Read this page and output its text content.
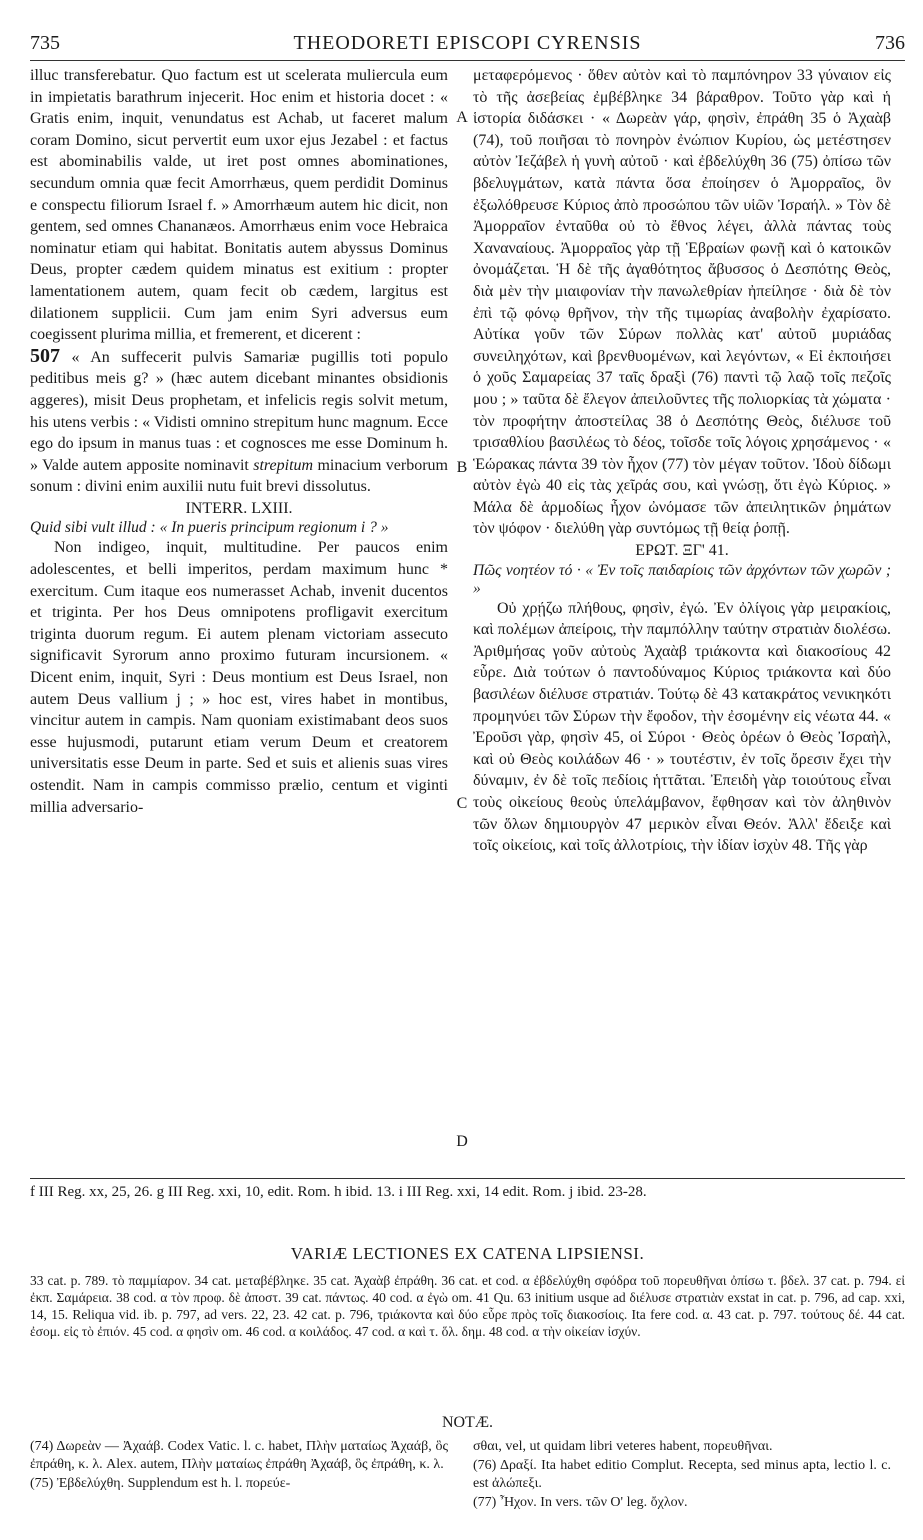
735	THEODORETI EPISCOPI CYRENSIS	736

illuc transferebatur. Quo factum est ut scelerata muliercula eum in impietatis barathrum injecerit. Hoc enim et historia docet : « Gratis enim, inquit, venundatus est Achab, ut faceret malum coram Domino, sicut pervertit eum uxor ejus Jezabel : et factus est abominabilis valde, ut iret post omnes abominationes, secundum omnia quæ fecit Amorrhæus, quem perdidit Dominus e conspectu filiorum Israel f. » Amorrhæum autem hic dicit, non gentem, sed omnes Chananæos. Amorrhæus enim voce Hebraica nominatur etiam qui habitat. Bonitatis autem abyssus Dominus Deus, propter cædem quidem minatus est exitium : propter lamentationem autem, quam fecit ob cædem, largitus est dilationem supplicii. Cum jam enim Syri adversus eum coegissent plurima millia, et fremerent, et dicerent :

507 « An suffecerit pulvis Samariæ pugillis toti populo peditibus meis g? » (hæc autem dicebant minantes obsidionis aggeres), misit Deus prophetam, et infelicis regis solvit metum, his utens verbis : « Vidisti omnino strepitum hunc magnum. Ecce ego do ipsum in manus tuas : et cognosces me esse Dominum h. » Valde autem apposite nominavit strepitum minacium verborum sonum : divini enim auxilii nutu fuit brevi dissolutus.

INTERR. LXIII.

Quid sibi vult illud : « In pueris principum regionum i ? »

Non indigeo, inquit, multitudine. Per paucos enim adolescentes, et belli imperitos, perdam maximum hunc * exercitum. Cum itaque eos numerasset Achab, invenit ducentos et triginta. Per hos Deus omnipotens profligavit exercitum triginta duorum regum. Ei autem plenam victoriam assecuto significavit Syrorum anno proximo futuram incursionem. « Dicent enim, inquit, Syri : Deus montium est Deus Israel, non autem Deus vallium j ; » hoc est, vires habet in montibus, vincitur autem in campis. Nam quoniam existimabant deos suos esse hujusmodi, putarunt etiam verum Deum et creatorem universitatis esse Deum in parte. Sed et suis et alienis suas vires ostendit. Nam in campis commisso prælio, centum et viginti millia adversario-

A
B
C
D

μεταφερόμενος · ὅθεν αὐτὸν καὶ τὸ παμπόνηρον 33 γύναιον εἰς τὸ τῆς ἀσεβείας ἐμβέβληκε 34 βάραθρον. Τοῦτο γὰρ καὶ ἡ ἱστορία διδάσκει · « Δωρεὰν γάρ, φησὶν, ἐπράθη 35 ὁ Ἀχαὰβ (74), τοῦ ποιῆσαι τὸ πονηρὸν ἐνώπιον Κυρίου, ὡς μετέστησεν αὐτὸν Ἰεζάβελ ἡ γυνὴ αὐτοῦ · καὶ ἐβδελύχθη 36 (75) ὀπίσω τῶν βδελυγμάτων, κατὰ πάντα ὅσα ἐποίησεν ὁ Ἀμορραῖος, ὃν ἐξωλόθρευσε Κύριος ἀπὸ προσώπου τῶν υἱῶν Ἰσραήλ. » Τὸν δὲ Ἀμορραῖον ἐνταῦθα οὐ τὸ ἔθνος λέγει, ἀλλὰ πάντας τοὺς Χαναναίους. Ἀμορραῖος γὰρ τῇ Ἑβραίων φωνῇ καὶ ὁ κατοικῶν ὀνομάζεται. Ἡ δὲ τῆς ἀγαθότητος ἄβυσσος ὁ Δεσπότης Θεὸς, διὰ μὲν τὴν μιαιφονίαν τὴν πανωλεθρίαν ἠπείλησε · διὰ δὲ τὸν ἐπὶ τῷ φόνῳ θρῆνον, τὴν τῆς τιμωρίας ἀναβολὴν ἐχαρίσατο. Αὐτίκα γοῦν τῶν Σύρων πολλὰς κατ' αὐτοῦ μυριάδας συνειληχότων, καὶ βρενθυομένων, καὶ λεγόντων, « Εἰ ἐκποιήσει ὁ χοῦς Σαμαρείας 37 ταῖς δραξὶ (76) παντὶ τῷ λαῷ τοῖς πεζοῖς μου ; » ταῦτα δὲ ἔλεγον ἀπειλοῦντες τῆς πολιορκίας τὰ χώματα · τὸν προφήτην ἀποστείλας 38 ὁ Δεσπότης Θεὸς, διέλυσε τοῦ τρισαθλίου βασιλέως τὸ δέος, τοῖσδε τοῖς λόγοις χρησάμενος · « Ἑώρακας πάντα 39 τὸν ἦχον (77) τὸν μέγαν τοῦτον. Ἰδοὺ δίδωμι αὐτὸν ἐγὼ 40 εἰς τὰς χεῖράς σου, καὶ γνώσῃ, ὅτι ἐγὼ Κύριος. » Μάλα δὲ ἁρμοδίως ἦχον ὠνόμασε τῶν ἀπειλητικῶν ῥημάτων τὸν ψόφον · διελύθη γὰρ συντόμως τῇ θείᾳ ῥοπῇ.

ΕΡΩΤ. ΞΓ' 41.

Πῶς νοητέον τό · « Ἐν τοῖς παιδαρίοις τῶν ἀρχόντων τῶν χωρῶν ; »

Οὐ χρῄζω πλήθους, φησὶν, ἐγώ. Ἐν ὀλίγοις γὰρ μειρακίοις, καὶ πολέμων ἀπείροις, τὴν παμπόλλην ταύτην στρατιὰν διολέσω. Ἀριθμήσας γοῦν αὐτοὺς Ἀχαὰβ τριάκοντα καὶ διακοσίους 42 εὗρε. Διὰ τούτων ὁ παντοδύναμος Κύριος τριάκοντα καὶ δύο βασιλέων διέλυσε στρατιάν. Τούτῳ δὲ 43 κατακράτος νενικηκότι προμηνύει τῶν Σύρων τὴν ἔφοδον, τὴν ἐσομένην εἰς νέωτα 44. « Ἐροῦσι γὰρ, φησὶν 45, οἱ Σύροι · Θεὸς ὀρέων ὁ Θεὸς Ἰσραὴλ, καὶ οὐ Θεὸς κοιλάδων 46 · » τουτέστιν, ἐν τοῖς ὄρεσιν ἔχει τὴν δύναμιν, ἐν δὲ τοῖς πεδίοις ἡττᾶται. Ἐπειδὴ γὰρ τοιούτους εἶναι τοὺς οἰκείους θεοὺς ὑπελάμβανον, ἔφθησαν καὶ τὸν ἀληθινὸν τῶν ὅλων δημιουργὸν 47 μερικὸν εἶναι Θεόν. Ἀλλ' ἔδειξε καὶ τοῖς οἰκείοις, καὶ τοῖς ἀλλοτρίοις, τὴν ἰδίαν ἰσχὺν 48. Τῆς γὰρ

f III Reg. xx, 25, 26. g III Reg. xxi, 10, edit. Rom. h ibid. 13. i III Reg. xxi, 14 edit. Rom. j ibid. 23-28.
VARIÆ LECTIONES EX CATENA LIPSIENSI.
33 cat. p. 789. τὸ παμμίαρον. 34 cat. μεταβέβληκε. 35 cat. Ἀχαὰβ ἐπράθη. 36 cat. et cod. α ἐβδελύχθη σφόδρα τοῦ πορευθῆναι ὀπίσω τ. βδελ. 37 cat. p. 794. εἰ ἐκπ. Σαμάρεια. 38 cod. α τὸν προφ. δὲ ἀποστ. 39 cat. πάντως. 40 cod. α ἐγὼ om. 41 Qu. 63 initium usque ad διέλυσε στρατιὰν exstat in cat. p. 796, ad cap. xxi, 14, 15. Reliqua vid. ib. p. 797, ad vers. 22, 23. 42 cat. p. 796, τριάκοντα καὶ δύο εὗρε πρὸς τοῖς διακοσίοις. Ita fere cod. α. 43 cat. p. 797. τούτους δέ. 44 cat. ἐσομ. εἰς τὸ ἐπιόν. 45 cod. α φησὶν om. 46 cod. α κοιλάδος. 47 cod. α καὶ τ. ὅλ. δημ. 48 cod. α τὴν οἰκείαν ἰσχύν.
NOTÆ.

(74) Δωρεὰν — Ἀχαάβ. Codex Vatic. l. c. habet, Πλὴν ματαίως Ἀχαάβ, ὃς ἐπράθη, κ. λ. Alex. autem, Πλὴν ματαίως ἐπράθη Ἀχαάβ, ὃς ἐπράθη, κ. λ.

(75) Ἐβδελύχθη. Supplendum est h. l. πορεύε-

σθαι, vel, ut quidam libri veteres habent, πορευθῆναι.

(76) Δραξί. Ita habet editio Complut. Recepta, sed minus apta, lectio l. c. est ἀλώπεξι.

(77) Ἦχον. In vers. τῶν Ο' leg. ὄχλον.
